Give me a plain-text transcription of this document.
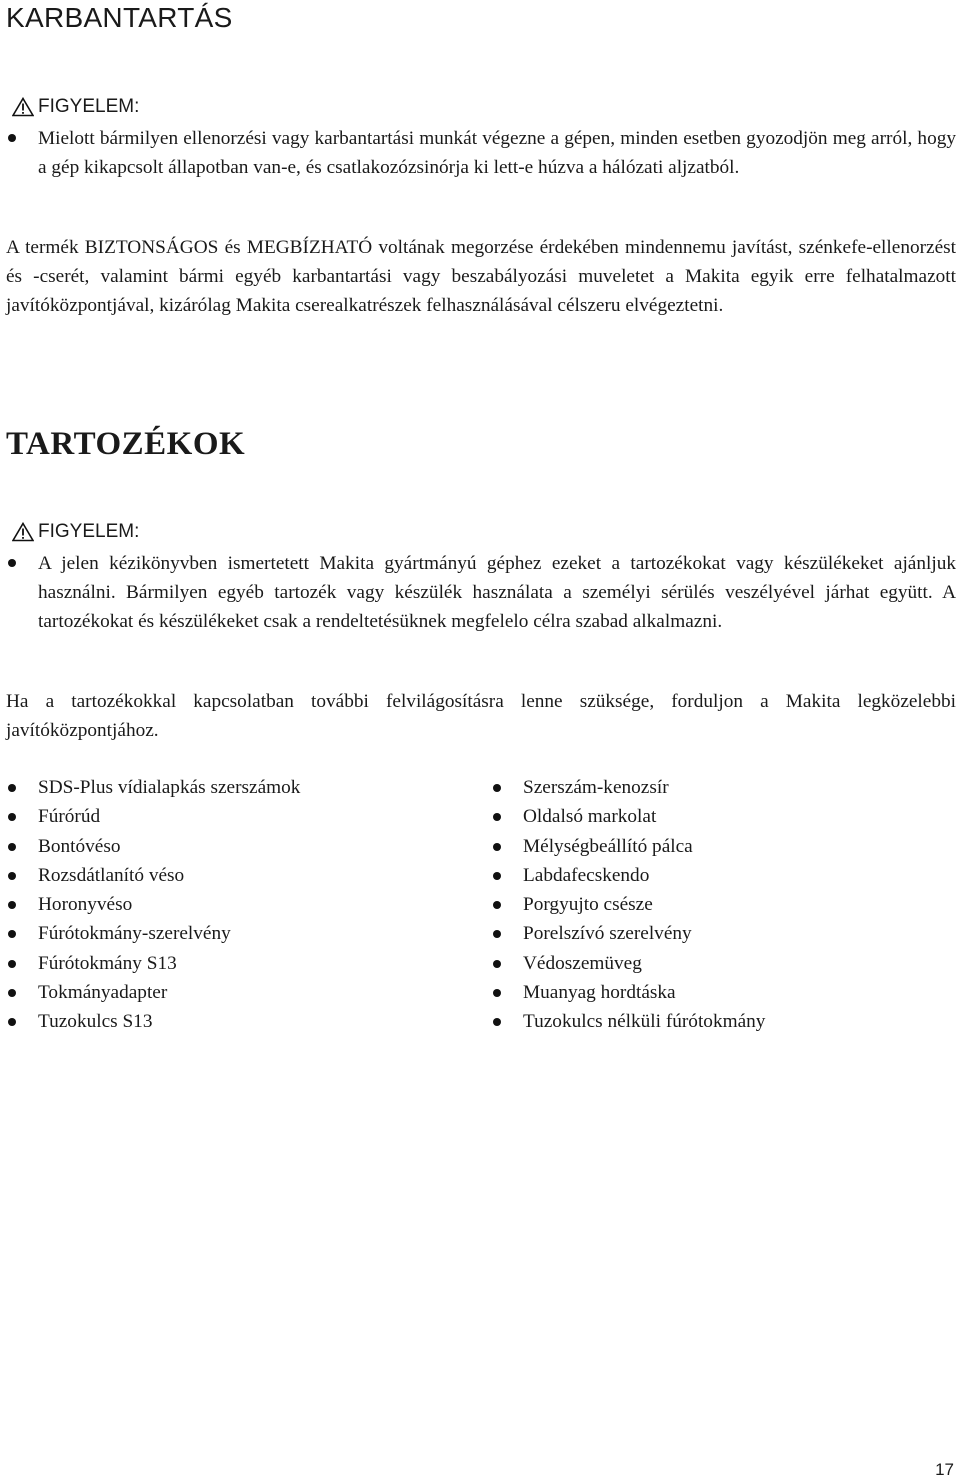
KARBANTARTÁS
FIGYELEM:
Mielott bármilyen ellenorzési vagy karbantartási munkát végezne a gépen, minden esetben gyozodjön meg arról, hogy a gép kikapcsolt állapotban van-e, és csatlakozózsinórja ki lett-e húzva a hálózati aljzatból.
A termék BIZTONSÁGOS és MEGBÍZHATÓ voltának megorzése érdekében mindennemu javítást, szénkefe-ellenorzést és -cserét, valamint bármi egyéb karbantartási vagy beszabályozási muveletet a Makita egyik erre felhatalmazott javítóközpontjával, kizárólag Makita cserealkatrészek felhasználásával célszeru elvégeztetni.
TARTOZÉKOK
FIGYELEM:
A jelen kézikönyvben ismertetett Makita gyártmányú géphez ezeket a tartozékokat vagy készülékeket ajánljuk használni. Bármilyen egyéb tartozék vagy készülék használata a személyi sérülés veszélyével járhat együtt. A tartozékokat és készülékeket csak a rendeltetésüknek megfelelo célra szabad alkalmazni.
Ha a tartozékokkal kapcsolatban további felvilágosításra lenne szüksége, forduljon a Makita legközelebbi javítóközpontjához.
SDS-Plus vídialapkás szerszámok
Fúrórúd
Bontóvéso
Rozsdátlanító véso
Horonyvéso
Fúrótokmány-szerelvény
Fúrótokmány S13
Tokmányadapter
Tuzokulcs S13
Szerszám-kenozsír
Oldalsó markolat
Mélységbeállító pálca
Labdafecskendo
Porgyujto csésze
Porelszívó szerelvény
Védoszemüveg
Muanyag hordtáska
Tuzokulcs nélküli fúrótokmány
17
